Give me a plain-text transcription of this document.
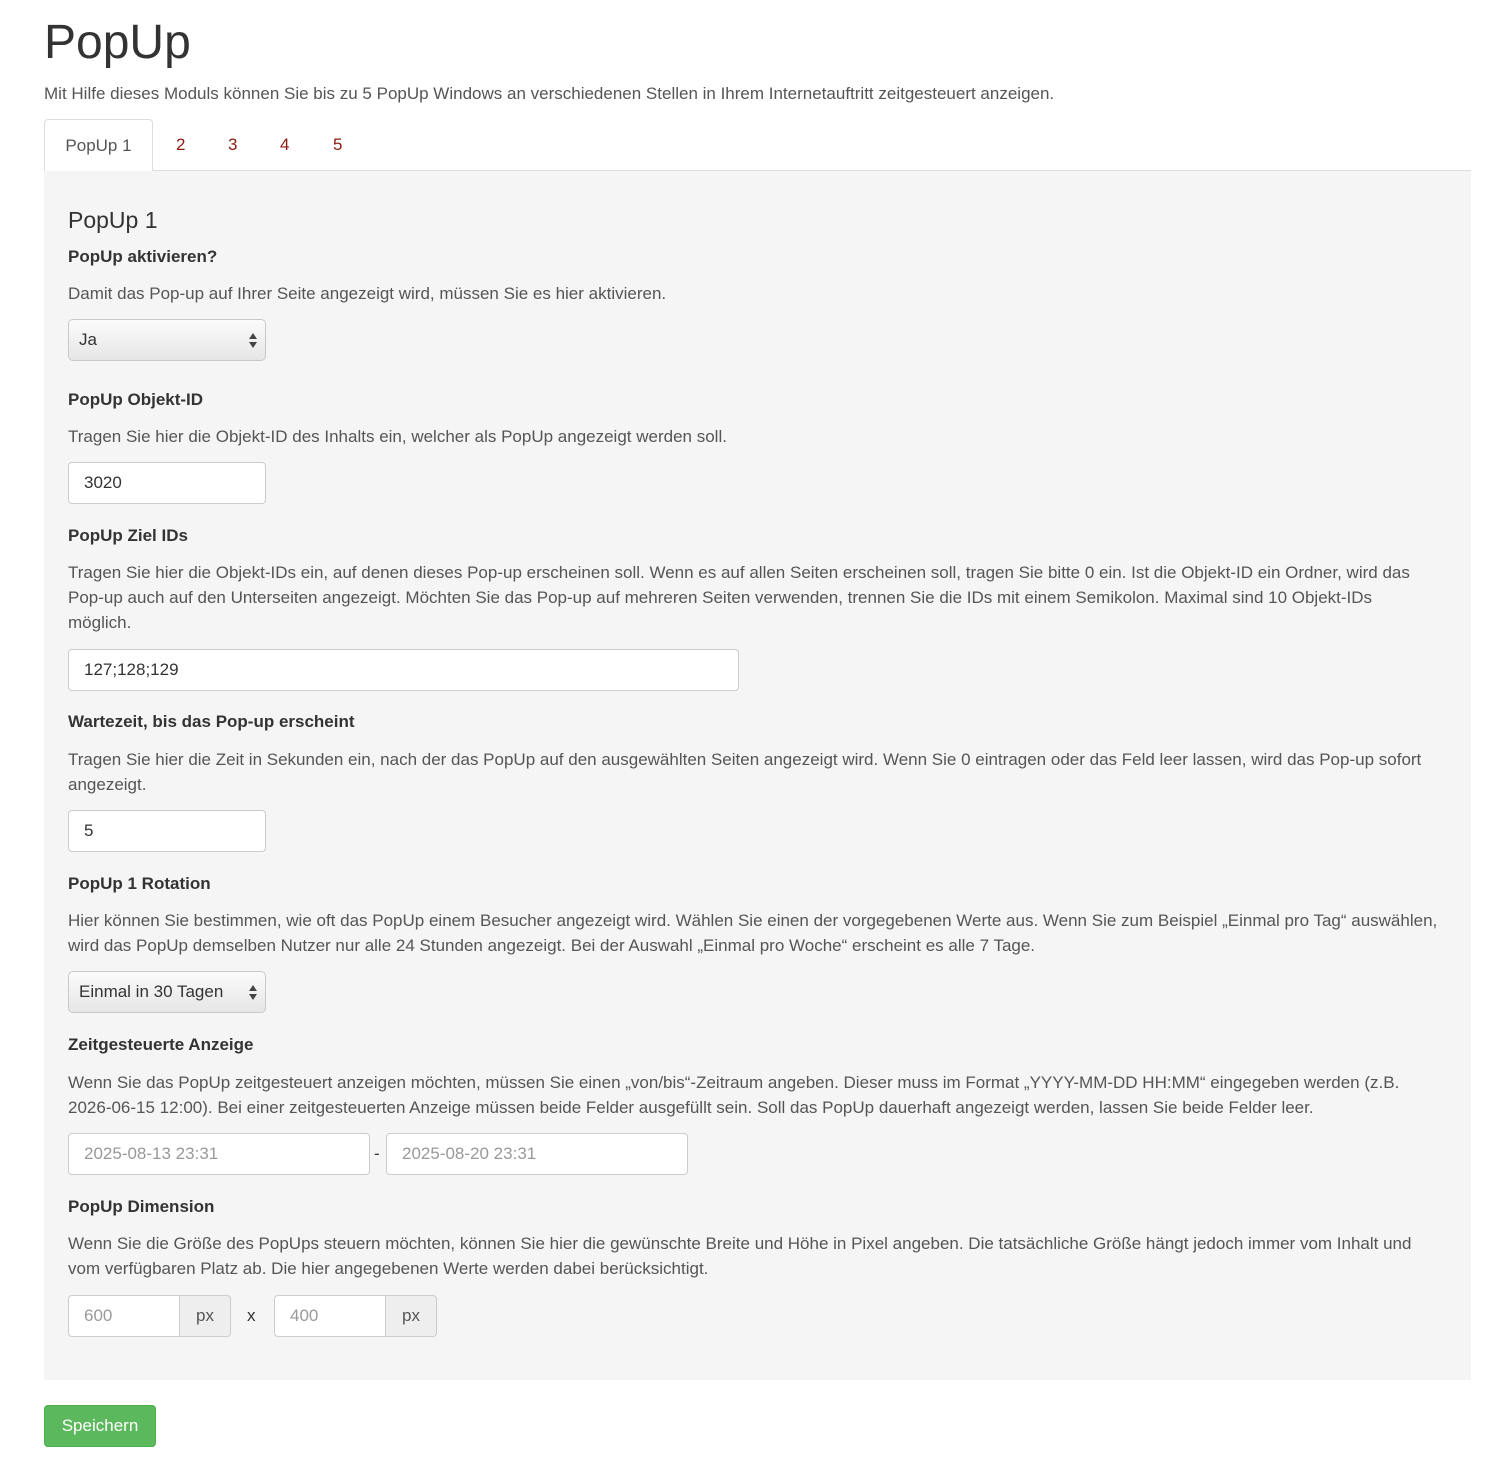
PopUp

Mit Hilfe dieses Moduls können Sie bis zu 5 PopUp Windows an verschiedenen Stellen in Ihrem Internetauftritt zeitgesteuert anzeigen.

PopUp 1	2	3	4	5
PopUp 1

PopUp aktivieren?

Damit das Pop-up auf Ihrer Seite angezeigt wird, müssen Sie es hier aktivieren.

Ja

PopUp Objekt-ID

Tragen Sie hier die Objekt-ID des Inhalts ein, welcher als PopUp angezeigt werden soll.

3020

PopUp Ziel IDs

Tragen Sie hier die Objekt-IDs ein, auf denen dieses Pop-up erscheinen soll. Wenn es auf allen Seiten erscheinen soll, tragen Sie bitte 0 ein. Ist die Objekt-ID ein Ordner, wird das Pop-up auch auf den Unterseiten angezeigt. Möchten Sie das Pop-up auf mehreren Seiten verwenden, trennen Sie die IDs mit einem Semikolon. Maximal sind 10 Objekt-IDs möglich.

127;128;129

Wartezeit, bis das Pop-up erscheint

Tragen Sie hier die Zeit in Sekunden ein, nach der das PopUp auf den ausgewählten Seiten angezeigt wird. Wenn Sie 0 eintragen oder das Feld leer lassen, wird das Pop-up sofort angezeigt.

5

PopUp 1 Rotation

Hier können Sie bestimmen, wie oft das PopUp einem Besucher angezeigt wird. Wählen Sie einen der vorgegebenen Werte aus. Wenn Sie zum Beispiel „Einmal pro Tag“ auswählen, wird das PopUp demselben Nutzer nur alle 24 Stunden angezeigt. Bei der Auswahl „Einmal pro Woche“ erscheint es alle 7 Tage.

Einmal in 30 Tagen

Zeitgesteuerte Anzeige

Wenn Sie das PopUp zeitgesteuert anzeigen möchten, müssen Sie einen „von/bis“-Zeitraum angeben. Dieser muss im Format „YYYY-MM-DD HH:MM“ eingegeben werden (z.B. 2026-06-15 12:00). Bei einer zeitgesteuerten Anzeige müssen beide Felder ausgefüllt sein. Soll das PopUp dauerhaft angezeigt werden, lassen Sie beide Felder leer.

2025-08-13 23:31
-
2025-08-20 23:31

PopUp Dimension

Wenn Sie die Größe des PopUps steuern möchten, können Sie hier die gewünschte Breite und Höhe in Pixel angeben. Die tatsächliche Größe hängt jedoch immer vom Inhalt und vom verfügbaren Platz ab. Die hier angegebenen Werte werden dabei berücksichtigt.

600
px	x
400	px
Speichern
